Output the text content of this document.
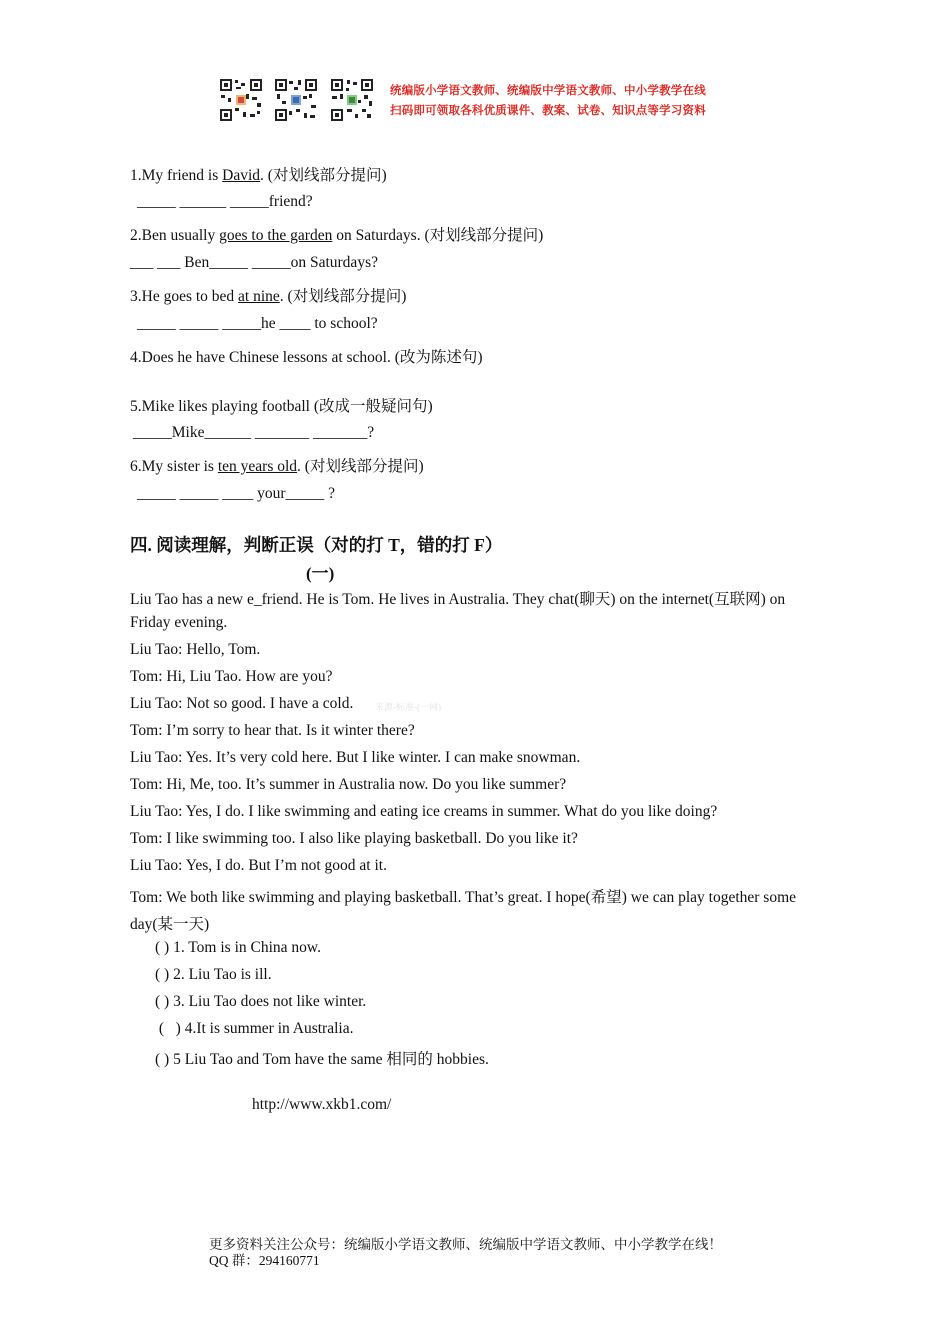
统编版小学语文教师、统编版中学语文教师、中小学教学在线
扫码即可领取各科优质课件、教案、试卷、知识点等学习资料
1.My friend is David. (对划线部分提问)
_____ ______ _____friend?
2.Ben usually goes to the garden on Saturdays. (对划线部分提问)
___ ___ Ben_____ _____on Saturdays?
3.He goes to bed at nine. (对划线部分提问)
_____ _____ _____he ____ to school?
4.Does he have Chinese lessons at school. (改为陈述句)
5.Mike likes playing football (改成一般疑问句)
_____Mike______ _______ _______?
6.My sister is ten years old. (对划线部分提问)
_____ _____ ____ your_____ ?
四. 阅读理解，判断正误（对的打 T，错的打 F）
(一)
Liu Tao has a new e_friend. He is Tom. He lives in Australia. They chat(聊天) on the internet(互联网) on
Friday evening.
Liu Tao: Hello, Tom.
Tom: Hi, Liu Tao. How are you?
Liu Tao: Not so good. I have a cold. 来源-标准-(一网)
Tom: I’m sorry to hear that. Is it winter there?
Liu Tao: Yes. It’s very cold here. But I like winter. I can make snowman.
Tom: Hi, Me, too. It’s summer in Australia now. Do you like summer?
Liu Tao: Yes, I do. I like swimming and eating ice creams in summer. What do you like doing?
Tom: I like swimming too. I also like playing basketball. Do you like it?
Liu Tao: Yes, I do. But I’m not good at it.
Tom: We both like swimming and playing basketball. That’s great. I hope(希望) we can play together some
day(某一天)
( ) 1. Tom is in China now.
( ) 2. Liu Tao is ill.
( ) 3. Liu Tao does not like winter.
(   ) 4.It is summer in Australia.
( ) 5 Liu Tao and Tom have the same 相同的 hobbies.
http://www.xkb1.com/
更多资料关注公众号：统编版小学语文教师、统编版中学语文教师、中小学教学在线！
QQ 群：294160771
